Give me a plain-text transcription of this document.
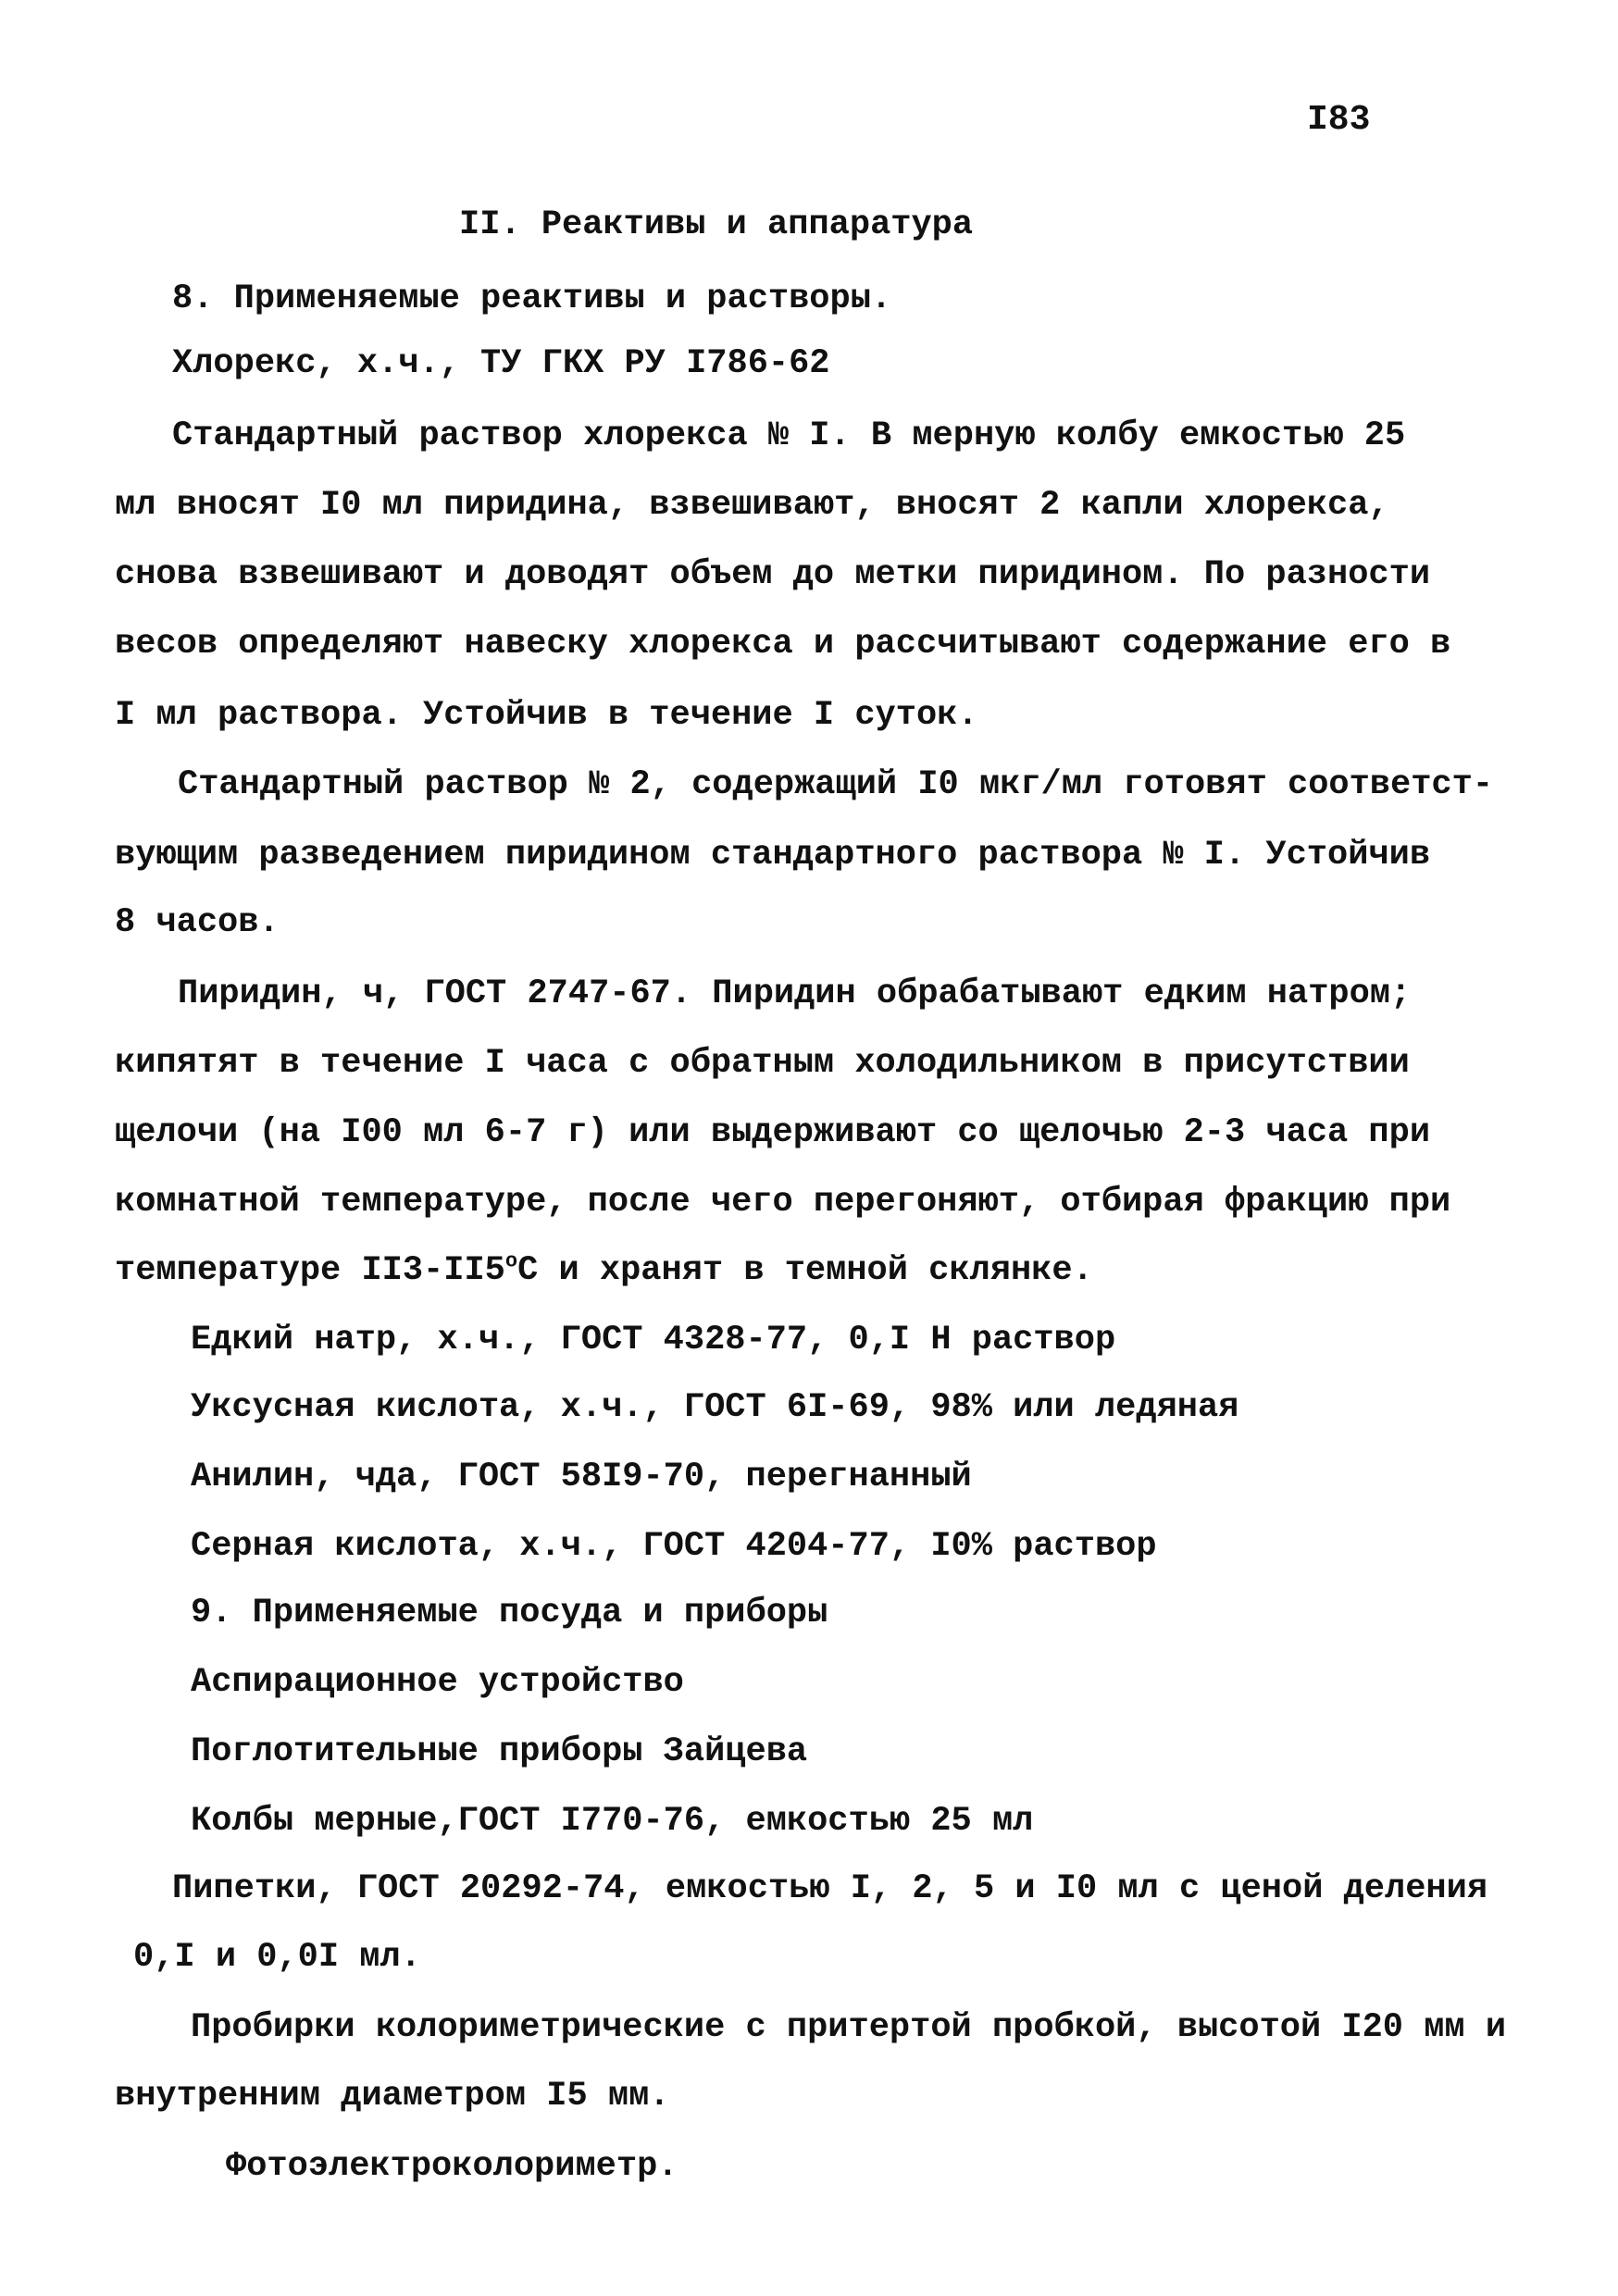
I83
II. Реактивы и аппаратура
8. Применяемые реактивы и растворы.
Хлорекс, х.ч., ТУ ГКХ РУ I786-62
Стандартный раствор хлорекса № I. В мерную колбу емкостью 25
мл вносят I0 мл пиридина, взвешивают, вносят 2 капли хлорекса,
снова взвешивают и доводят объем до метки пиридином. По разности
весов определяют навеску хлорекса и рассчитывают содержание его в
I мл раствора. Устойчив в течение I суток.
Стандартный раствор № 2, содержащий I0 мкг/мл готовят соответст-
вующим разведением пиридином стандартного раствора № I. Устойчив
8 часов.
Пиридин, ч, ГОСТ 2747-67. Пиридин обрабатывают едким натром;
кипятят в течение I часа с обратным холодильником в присутствии
щелочи (на I00 мл 6-7 г) или выдерживают со щелочью 2-3 часа при
комнатной температуре, после чего перегоняют, отбирая фракцию при
температуре II3-II5$^o$С и хранят в темной склянке.
Едкий натр, х.ч., ГОСТ 4328-77, 0,I Н раствор
Уксусная кислота, х.ч., ГОСТ 6I-69, 98% или ледяная
Анилин, чда, ГОСТ 58I9-70, перегнанный
Серная кислота, х.ч., ГОСТ 4204-77, I0% раствор
9. Применяемые посуда и приборы
Аспирационное устройство
Поглотительные приборы Зайцева
Колбы мерные,ГОСТ I770-76, емкостью 25 мл
Пипетки, ГОСТ 20292-74, емкостью I, 2, 5 и I0 мл с ценой деления
0,I и 0,0I мл.
Пробирки колориметрические с притертой пробкой, высотой I20 мм и
внутренним диаметром I5 мм.
Фотоэлектроколориметр.
